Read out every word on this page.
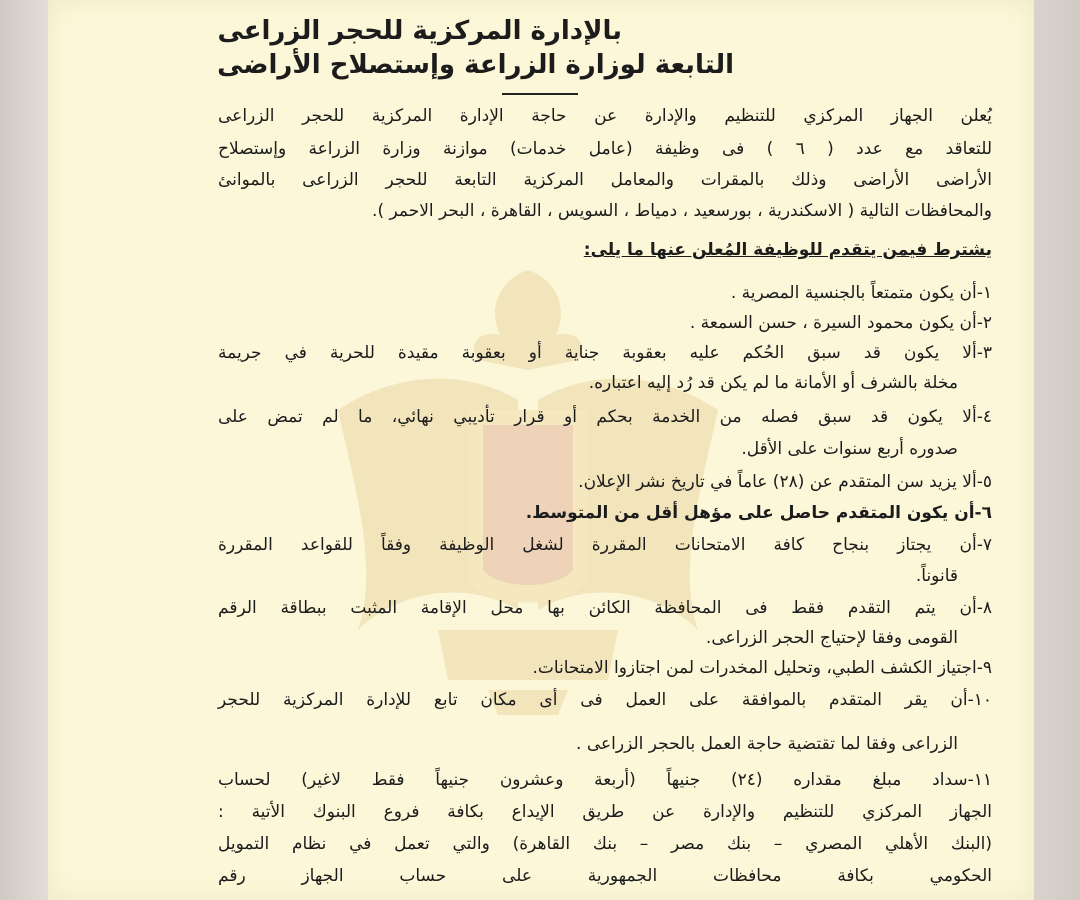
بالإدارة المركزية للحجر الزراعى
التابعة لوزارة الزراعة وإستصلاح الأراضى
يُعلن الجهاز المركزي للتنظيم والإدارة عن حاجة الإدارة المركزية للحجر الزراعى
للتعاقد مع عدد ( ٦ ) فى وظيفة (عامل خدمات) موازنة وزارة الزراعة وإستصلاح
الأراضى الأراضى وذلك بالمقرات والمعامل المركزية التابعة للحجر الزراعى بالموانئ
والمحافظات التالية ( الاسكندرية ، بورسعيد ، دمياط ، السويس ، القاهرة ، البحر الاحمر ).
يشترط فيمن يتقدم للوظيفة المُعلن عنها ما يلى:
١-أن يكون متمتعاً بالجنسية المصرية .
٢-أن يكون محمود السيرة ، حسن السمعة .
٣-ألا يكون قد سبق الحُكم عليه بعقوبة جناية أو بعقوبة مقيدة للحرية في جريمة
مخلة بالشرف أو الأمانة ما لم يكن قد رُد إليه اعتباره.
٤-ألا يكون قد سبق فصله من الخدمة بحكم أو قرار تأديبي نهائي، ما لم تمض على
صدوره أربع سنوات على الأقل.
٥-ألا يزيد سن المتقدم عن (٢٨) عاماً في تاريخ نشر الإعلان.
٦-أن يكون المتقدم حاصل على مؤهل أقل من المتوسط.
٧-أن يجتاز بنجاح كافة الامتحانات المقررة لشغل الوظيفة وفقاً للقواعد المقررة
قانوناً.
٨-أن يتم التقدم فقط فى المحافظة الكائن بها محل الإقامة المثبت ببطاقة الرقم
القومى وفقا لإحتياج الحجر الزراعى.
٩-اجتياز الكشف الطبي، وتحليل المخدرات لمن اجتازوا الامتحانات.
١٠-أن يقر المتقدم بالموافقة على العمل فى أى مكان تابع للإدارة المركزية للحجر
الزراعى وفقا لما تقتضية حاجة العمل بالحجر الزراعى .
١١-سداد مبلغ مقداره (٢٤) جنيهاً (أربعة وعشرون جنيهاً فقط لاغير) لحساب
الجهاز المركزي للتنظيم والإدارة عن طريق الإيداع بكافة فروع البنوك الأتية :
(البنك الأهلي المصري – بنك مصر – بنك القاهرة) والتي تعمل في نظام التمويل
الحكومي بكافة محافظات الجمهورية على حساب الجهاز رقم
